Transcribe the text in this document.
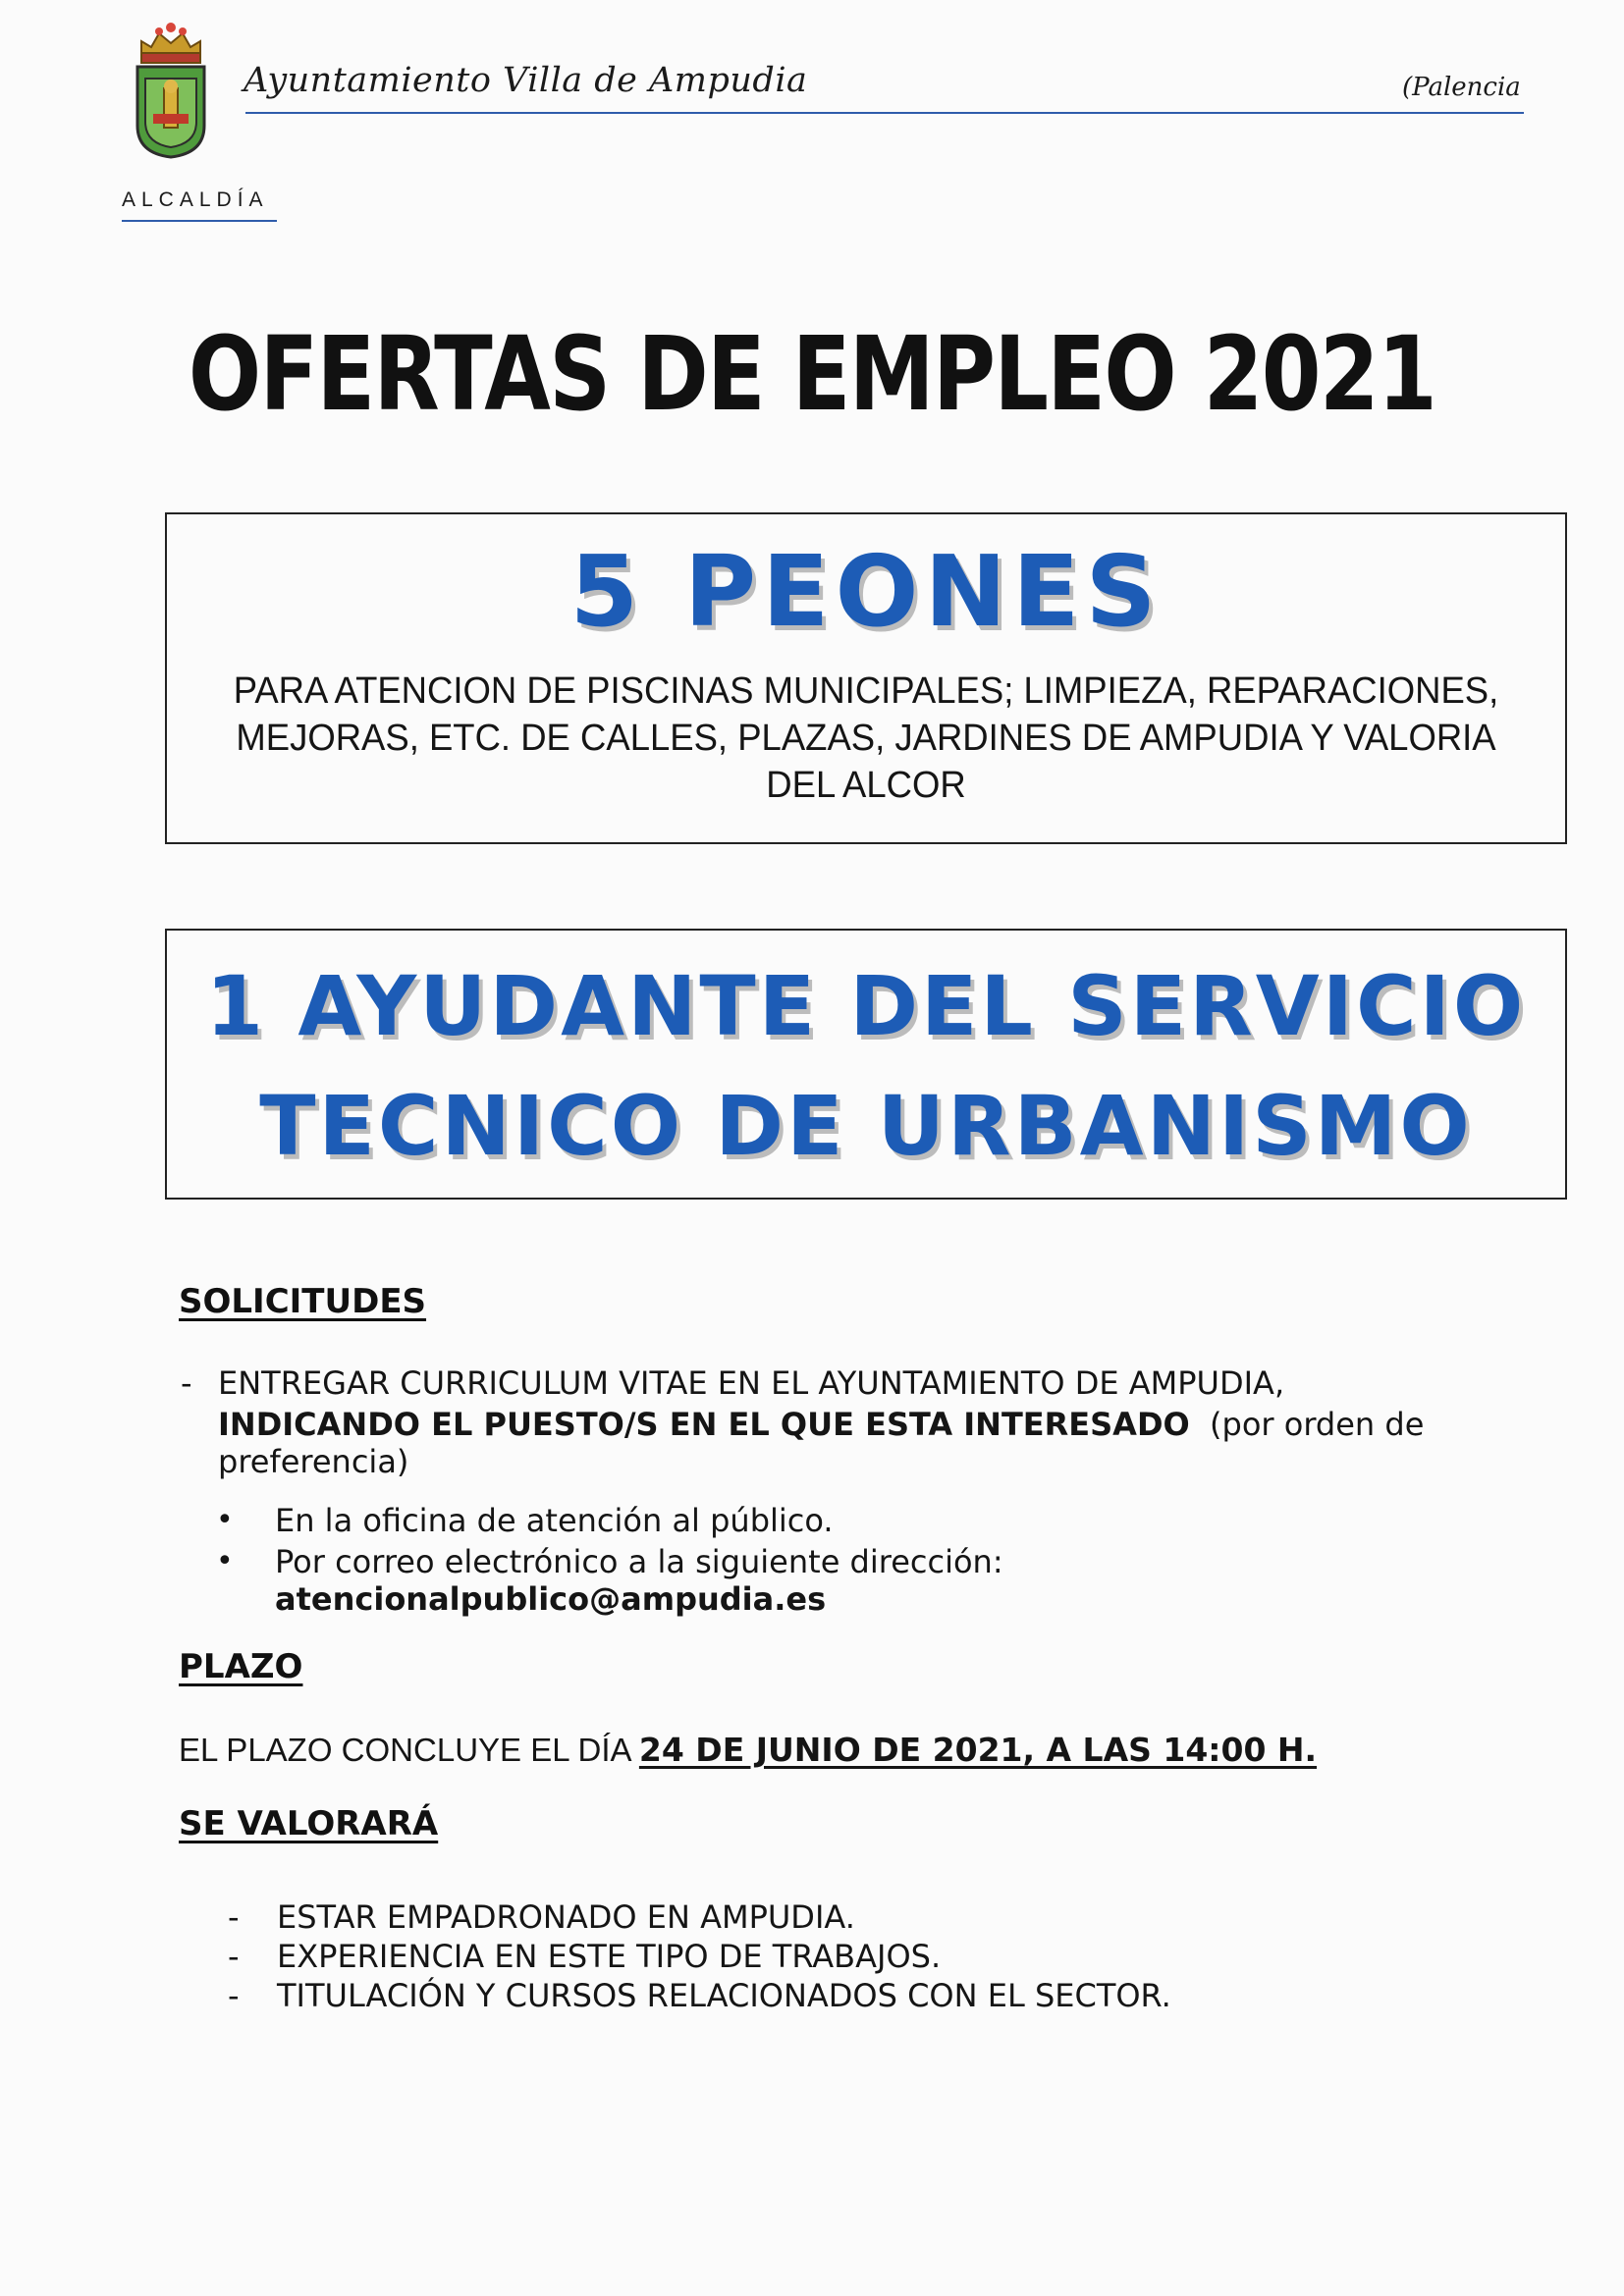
Ayuntamiento Villa de Ampudia	(Palencia
ALCALDÍA
OFERTAS DE EMPLEO 2021
5 PEONES
PARA ATENCION DE PISCINAS MUNICIPALES; LIMPIEZA, REPARACIONES, MEJORAS, ETC. DE CALLES, PLAZAS, JARDINES DE AMPUDIA Y VALORIA DEL ALCOR
1 AYUDANTE DEL SERVICIO
TECNICO DE URBANISMO
SOLICITUDES
- ENTREGAR CURRICULUM VITAE EN EL AYUNTAMIENTO DE AMPUDIA,
INDICANDO EL PUESTO/S EN EL QUE ESTA INTERESADO (por orden de
preferencia)
• En la oficina de atención al público.
• Por correo electrónico a la siguiente dirección:
atencionalpublico@ampudia.es
PLAZO
EL PLAZO CONCLUYE EL DÍA 24 DE JUNIO DE 2021, A LAS 14:00 H.
SE VALORARÁ
- ESTAR EMPADRONADO EN AMPUDIA.
- EXPERIENCIA EN ESTE TIPO DE TRABAJOS.
- TITULACIÓN Y CURSOS RELACIONADOS CON EL SECTOR.
